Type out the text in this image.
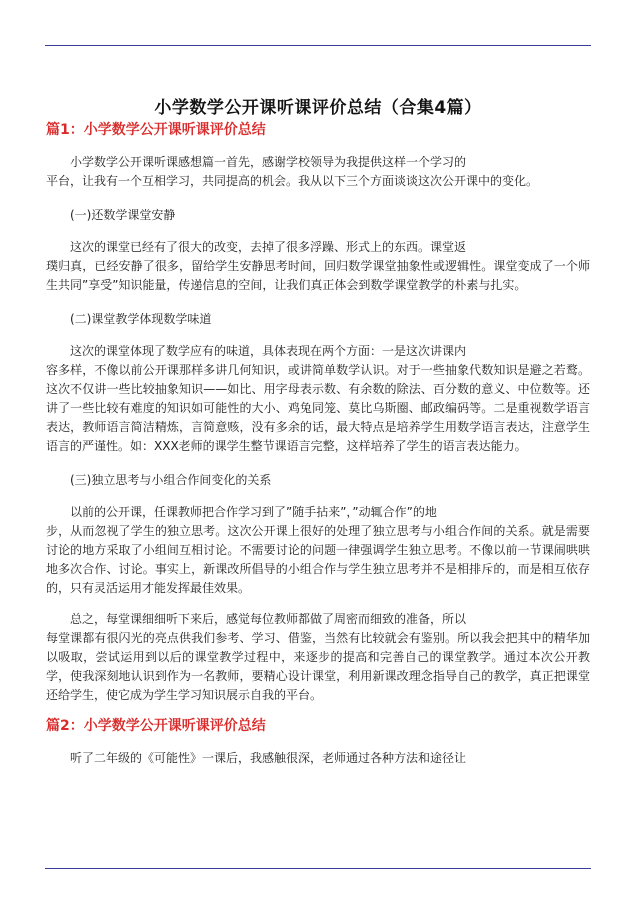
小学数学公开课听课评价总结（合集4篇）
篇1：小学数学公开课听课评价总结

小学数学公开课听课感想篇一首先，感谢学校领导为我提供这样一个学习的

平台，让我有一个互相学习，共同提高的机会。我从以下三个方面谈谈这次公开课中的变化。

(一)还数学课堂安静

这次的课堂已经有了很大的改变，去掉了很多浮躁、形式上的东西。课堂返

璞归真，已经安静了很多，留给学生安静思考时间，回归数学课堂抽象性或逻辑性。课堂变成了一个师生共同”享受”知识能量，传递信息的空间，让我们真正体会到数学课堂教学的朴素与扎实。

(二)课堂教学体现数学味道

这次的课堂体现了数学应有的味道，具体表现在两个方面：一是这次讲课内

容多样，不像以前公开课那样多讲几何知识，或讲简单数学认识。对于一些抽象代数知识是避之若鹜。这次不仅讲一些比较抽象知识——如比、用字母表示数、有余数的除法、百分数的意义、中位数等。还讲了一些比较有难度的知识如可能性的大小、鸡兔同笼、莫比乌斯圈、邮政编码等。二是重视数学语言表达，教师语言简洁精炼，言简意赅，没有多余的话，最大特点是培养学生用数学语言表达，注意学生语言的严谨性。如：XXX老师的课学生整节课语言完整，这样培养了学生的语言表达能力。

(三)独立思考与小组合作间变化的关系

以前的公开课，任课教师把合作学习到了”随手拈来”，”动辄合作”的地

步，从而忽视了学生的独立思考。这次公开课上很好的处理了独立思考与小组合作间的关系。就是需要讨论的地方采取了小组间互相讨论。不需要讨论的问题一律强调学生独立思考。不像以前一节课闹哄哄地多次合作、讨论。事实上，新课改所倡导的小组合作与学生独立思考并不是相排斥的，而是相互依存的，只有灵活运用才能发挥最佳效果。

总之，每堂课细细听下来后，感觉每位教师都做了周密而细致的准备，所以

每堂课都有很闪光的亮点供我们参考、学习、借鉴，当然有比较就会有鉴别。所以我会把其中的精华加以吸取，尝试运用到以后的课堂教学过程中，来逐步的提高和完善自己的课堂教学。通过本次公开教学，使我深刻地认识到作为一名教师，要精心设计课堂，利用新课改理念指导自己的教学，真正把课堂还给学生，使它成为学生学习知识展示自我的平台。

篇2：小学数学公开课听课评价总结

听了二年级的《可能性》一课后，我感触很深，老师通过各种方法和途径让
